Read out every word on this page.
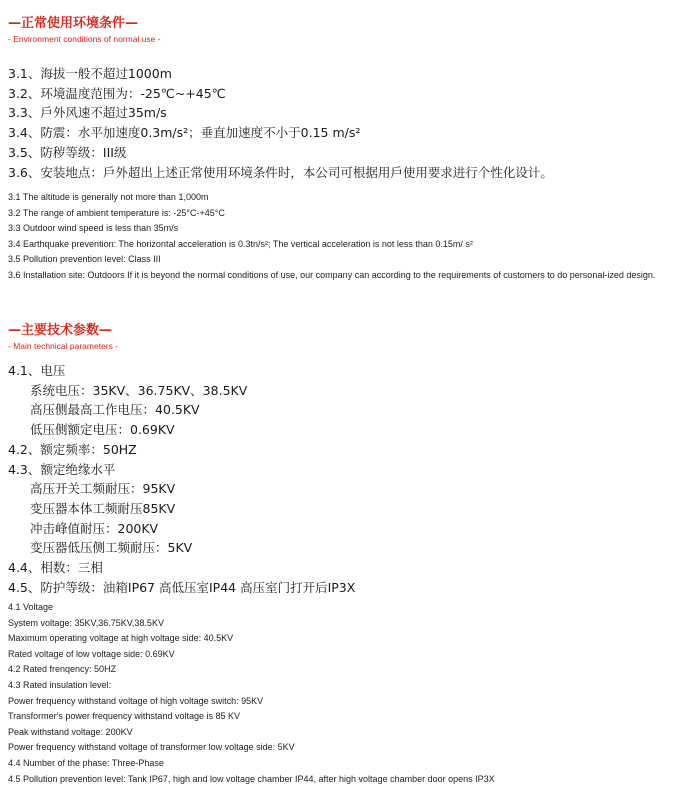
—正常使用环境条件—
- Environment conditions of normal use -
3.1、海拔一般不超过1000m
3.2、环境温度范围为：-25℃~+45℃
3.3、戶外风速不超过35m/s
3.4、防震：水平加速度0.3m/s²；垂直加速度不小于0.15 m/s²
3.5、防秽等级：III级
3.6、安装地点：戶外超出上述正常使用环境条件时，本公司可根据用戶使用要求进行个性化设计。
3.1 The altitude is generally not more than 1,000m
3.2 The range of ambient temperature is: -25°C-+45°C
3.3 Outdoor wind speed is less than 35m/s
3.4 Earthquake prevention: The horizontal acceleration is 0.3tn/s²; The vertical acceleration is not less than 0.15m/ s²
3.5 Pollution prevention level: Class III
3.6 Installation site: Outdoors If it is beyond the normal conditions of use, our company can according to the requirements of customers to do personal-ized design.
—主要技术参数—
- Main technical parameters -
4.1、电压
系统电压：35KV、36.75KV、38.5KV
高压侧最高工作电压：40.5KV
低压侧额定电压：0.69KV
4.2、额定频率：50HZ
4.3、额定绝缘水平
高压开关工频耐压：95KV
变压器本体工频耐压85KV
冲击峰值耐压：200KV
变压器低压侧工频耐压：5KV
4.4、相数：三相
4.5、防护等级：油箱IP67 高低压室IP44 高压室门打开后IP3X
4.1 Voltage
System voltage: 35KV,36.75KV,38.5KV
Maximum operating voltage at high voltage side: 40.5KV
Rated voltage of low voltage side: 0.69KV
4.2 Rated frenqency: 50HZ
4.3 Rated insulation level:
Power frequency withstand voltage of high voltage switch: 95KV
Transformer's power frequency withstand voltage is 85 KV
Peak withstand voltage: 200KV
Power frequency withstand voltage of transformer low voltage side: 5KV
4.4 Number of the phase: Three-Phase
4.5 Pollution prevention level: Tank IP67, high and low voltage chamber IP44, after high voltage chamber door opens IP3X
